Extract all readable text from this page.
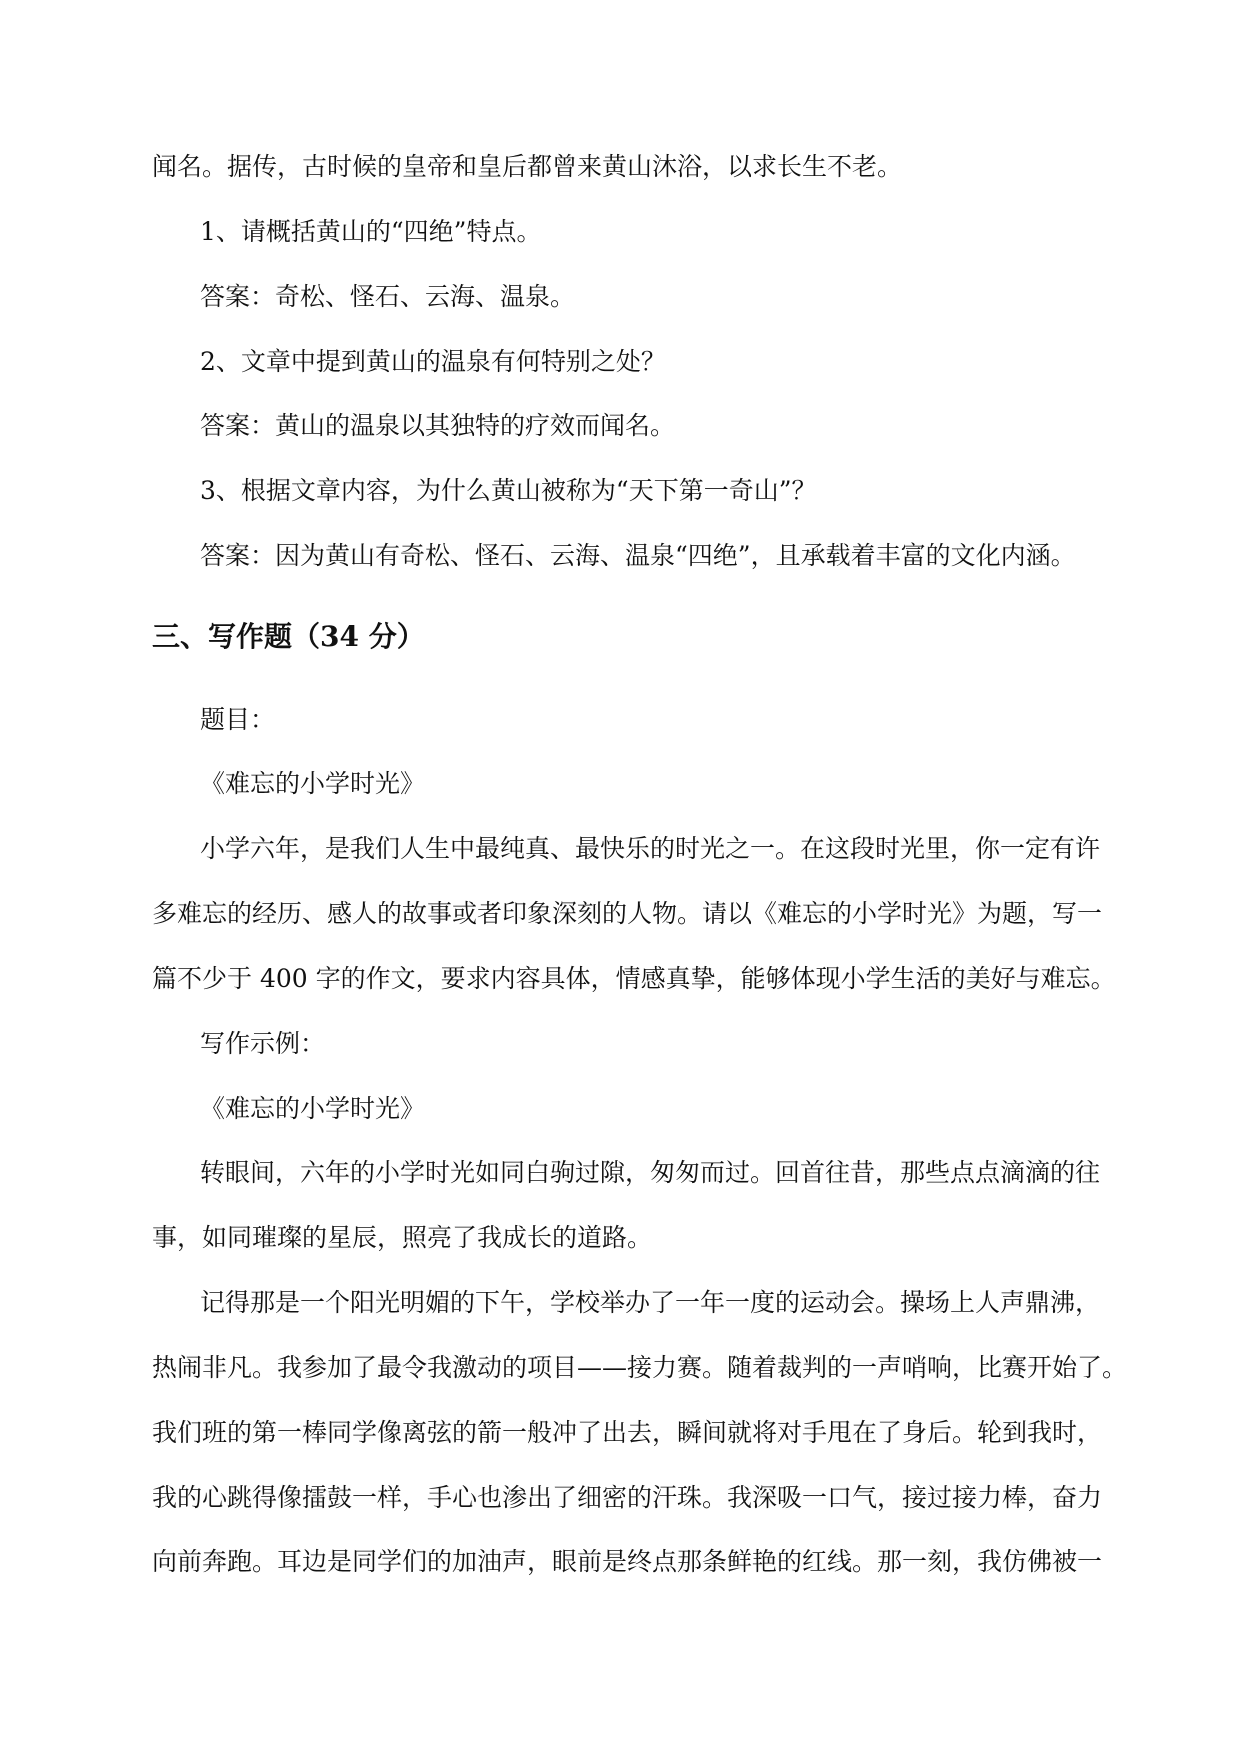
闻名。据传，古时候的皇帝和皇后都曾来黄山沐浴，以求长生不老。

1、请概括黄山的“四绝”特点。

答案：奇松、怪石、云海、温泉。

2、文章中提到黄山的温泉有何特别之处？

答案：黄山的温泉以其独特的疗效而闻名。

3、根据文章内容，为什么黄山被称为“天下第一奇山”？

答案：因为黄山有奇松、怪石、云海、温泉“四绝”，且承载着丰富的文化内涵。

三、写作题（34 分）

题目：

《难忘的小学时光》

小学六年，是我们人生中最纯真、最快乐的时光之一。在这段时光里，你一定有许

多难忘的经历、感人的故事或者印象深刻的人物。请以《难忘的小学时光》为题，写一

篇不少于 400 字的作文，要求内容具体，情感真挚，能够体现小学生活的美好与难忘。

写作示例：

《难忘的小学时光》

转眼间，六年的小学时光如同白驹过隙，匆匆而过。回首往昔，那些点点滴滴的往

事，如同璀璨的星辰，照亮了我成长的道路。

记得那是一个阳光明媚的下午，学校举办了一年一度的运动会。操场上人声鼎沸，

热闹非凡。我参加了最令我激动的项目——接力赛。随着裁判的一声哨响，比赛开始了。

我们班的第一棒同学像离弦的箭一般冲了出去，瞬间就将对手甩在了身后。轮到我时，

我的心跳得像擂鼓一样，手心也渗出了细密的汗珠。我深吸一口气，接过接力棒，奋力

向前奔跑。耳边是同学们的加油声，眼前是终点那条鲜艳的红线。那一刻，我仿佛被一
